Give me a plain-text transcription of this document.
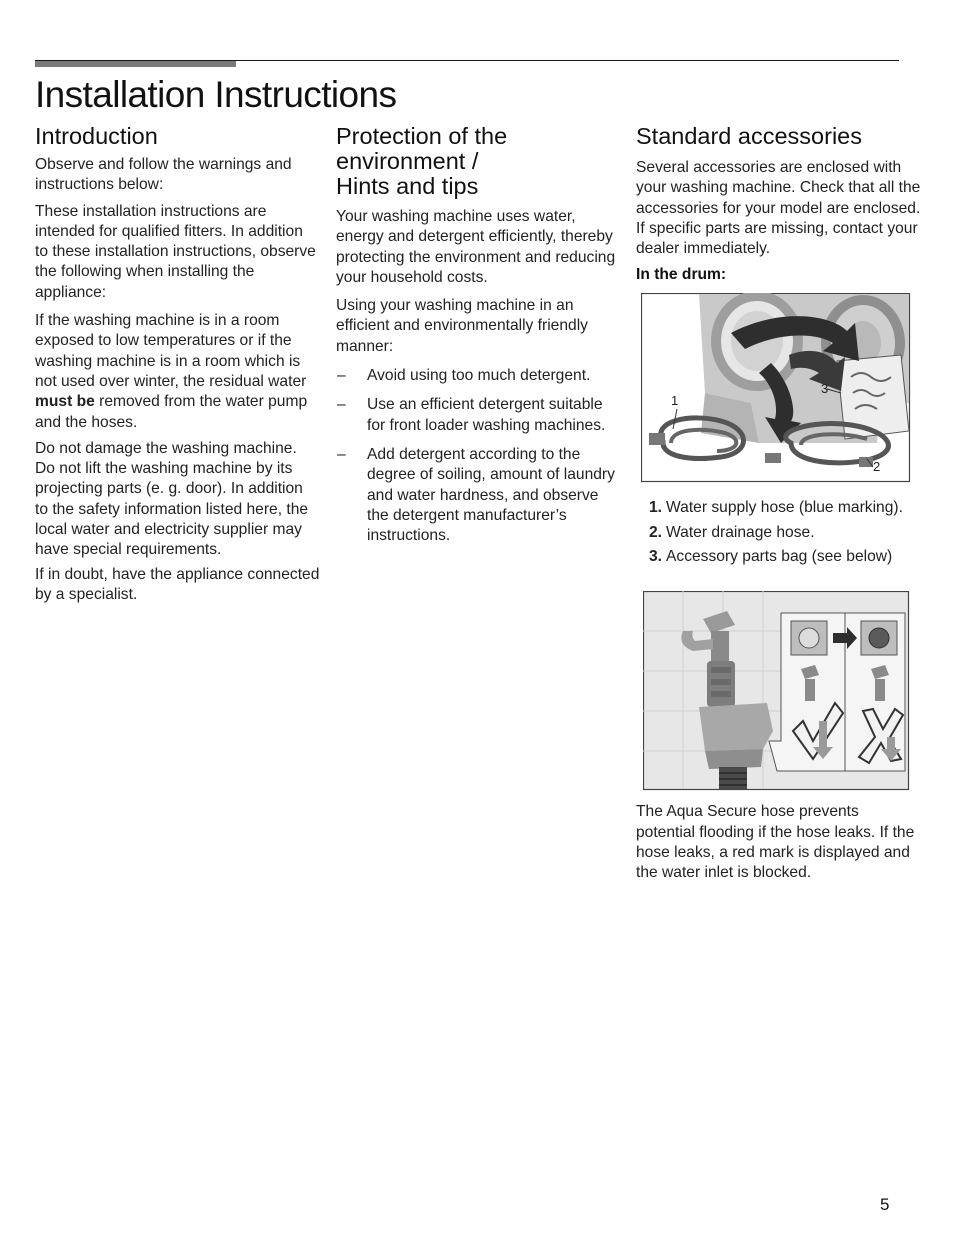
Installation Instructions
Introduction

Observe and follow the warnings and instructions below:

These installation instructions are intended for qualified fitters. In addition to these installation instructions, observe the following when installing the appliance:

If the washing machine is in a room exposed to low temperatures or if the washing machine is in a room which is not used over winter, the residual water must be removed from the water pump and the hoses.

Do not damage the washing machine. Do not lift the washing machine by its projecting parts (e. g. door). In addition to the safety information listed here, the local water and electricity supplier may have special requirements.

If in doubt, have the appliance connected by a specialist.

Protection of the
environment /
Hints and tips

Your washing machine uses water, energy and detergent efficiently, thereby protecting the environment and reducing your household costs.

Using your washing machine in an efficient and environmentally friendly manner:

– Avoid using too much detergent.
– Use an efficient detergent suitable for front loader washing machines.
– Add detergent according to the degree of soiling, amount of laundry and water hardness, and observe the detergent manufacturer’s instructions.
Standard accessories

Several accessories are enclosed with your washing machine. Check that all the accessories for your model are enclosed. If specific parts are missing, contact your dealer immediately.

In the drum:
1
2
3
1. Water supply hose (blue marking).
2. Water drainage hose.
3. Accessory parts bag (see below)

The Aqua Secure hose prevents potential flooding if the hose leaks. If the hose leaks, a red mark is displayed and the water inlet is blocked.

5
